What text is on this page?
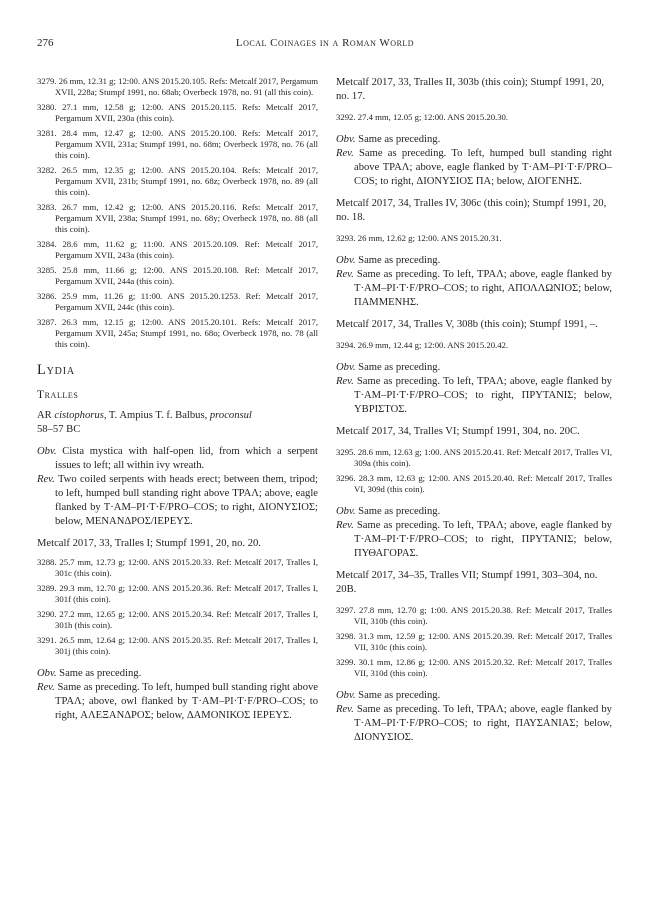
276	Local Coinages in a Roman World

3279. 26 mm, 12.31 g; 12:00. ANS 2015.20.105. Refs: Metcalf 2017, Pergamum XVII, 228a; Stumpf 1991, no. 68ab; Overbeck 1978, no. 91 (all this coin).

3280. 27.1 mm, 12.58 g; 12:00. ANS 2015.20.115. Refs: Metcalf 2017, Pergamum XVII, 230a (this coin).

3281. 28.4 mm, 12.47 g; 12:00. ANS 2015.20.100. Refs: Metcalf 2017, Pergamum XVII, 231a; Stumpf 1991, no. 68m; Overbeck 1978, no. 76 (all this coin).

3282. 26.5 mm, 12.35 g; 12:00. ANS 2015.20.104. Refs: Metcalf 2017, Pergamum XVII, 231b; Stumpf 1991, no. 68z; Overbeck 1978, no. 89 (all this coin).

3283. 26.7 mm, 12.42 g; 12:00. ANS 2015.20.116. Refs: Metcalf 2017, Pergamum XVII, 238a; Stumpf 1991, no. 68y; Overbeck 1978, no. 88 (all this coin).

3284. 28.6 mm, 11.62 g; 11:00. ANS 2015.20.109. Ref: Metcalf 2017, Pergamum XVII, 243a (this coin).

3285. 25.8 mm, 11.66 g; 12:00. ANS 2015.20.108. Ref: Metcalf 2017, Pergamum XVII, 244a (this coin).

3286. 25.9 mm, 11.26 g; 11:00. ANS 2015.20.1253. Ref: Metcalf 2017, Pergamum XVII, 244c (this coin).

3287. 26.3 mm, 12.15 g; 12:00. ANS 2015.20.101. Refs: Metcalf 2017, Pergamum XVII, 245a; Stumpf 1991, no. 68o; Overbeck 1978, no. 78 (all this coin).

Lydia

Tralles

AR cistophorus, T. Ampius T. f. Balbus, proconsul
58–57 BC

Obv. Cista mystica with half-open lid, from which a serpent issues to left; all within ivy wreath.

Rev. Two coiled serpents with heads erect; between them, tripod; to left, humped bull standing right above ΤΡΑΛ; above, eagle flanked by T·AM–PI·T·F/PRO–COS; to right, ΔΙΟΝΥΣΙΟΣ; below, ΜΕΝΑΝΔΡΟΣ/ΙΕΡΕΥΣ.

Metcalf 2017, 33, Tralles I; Stumpf 1991, 20, no. 20.

3288. 25.7 mm, 12.73 g; 12:00. ANS 2015.20.33. Ref: Metcalf 2017, Tralles I, 301c (this coin).

3289. 29.3 mm, 12.70 g; 12:00. ANS 2015.20.36. Ref: Metcalf 2017, Tralles I, 301f (this coin).

3290. 27.2 mm, 12.65 g; 12:00. ANS 2015.20.34. Ref: Metcalf 2017, Tralles I, 301h (this coin).

3291. 26.5 mm, 12.64 g; 12:00. ANS 2015.20.35. Ref: Metcalf 2017, Tralles I, 301j (this coin).

Obv. Same as preceding.

Rev. Same as preceding. To left, humped bull standing right above ΤΡΑΛ; above, owl flanked by T·AM–PI·T·F/PRO–COS; to right, ΑΛΕΞΑΝΔΡΟΣ; below, ΔΑΜΟΝΙΚΟΣ ΙΕΡΕΥΣ.

Metcalf 2017, 33, Tralles II, 303b (this coin); Stumpf 1991, 20, no. 17.

3292. 27.4 mm, 12.05 g; 12:00. ANS 2015.20.30.

Obv. Same as preceding.

Rev. Same as preceding. To left, humped bull standing right above ΤΡΑΛ; above, eagle flanked by T·AM–PI·T·F/PRO–COS; to right, ΔΙΟΝΥΣΙΟΣ ΠΑ; below, ΔΙΟΓΕΝΗΣ.

Metcalf 2017, 34, Tralles IV, 306c (this coin); Stumpf 1991, 20, no. 18.

3293. 26 mm, 12.62 g; 12:00. ANS 2015.20.31.

Obv. Same as preceding.

Rev. Same as preceding. To left, ΤΡΑΛ; above, eagle flanked by T·AM–PI·T·F/PRO–COS; to right, ΑΠΟΛΛΩΝΙΟΣ; below, ΠΑΜΜΕΝΗΣ.

Metcalf 2017, 34, Tralles V, 308b (this coin); Stumpf 1991, –.

3294. 26.9 mm, 12.44 g; 12:00. ANS 2015.20.42.

Obv. Same as preceding.

Rev. Same as preceding. To left, ΤΡΑΛ; above, eagle flanked by T·AM–PI·T·F/PRO–COS; to right, ΠΡΥΤΑΝΙΣ; below, ΥΒΡΙΣΤΟΣ.

Metcalf 2017, 34, Tralles VI; Stumpf 1991, 304, no. 20C.

3295. 28.6 mm, 12.63 g; 1:00. ANS 2015.20.41. Ref: Metcalf 2017, Tralles VI, 309a (this coin).

3296. 28.3 mm, 12.63 g; 12:00. ANS 2015.20.40. Ref: Metcalf 2017, Tralles VI, 309d (this coin).

Obv. Same as preceding.

Rev. Same as preceding. To left, ΤΡΑΛ; above, eagle flanked by T·AM–PI·T·F/PRO–COS; to right, ΠΡΥΤΑΝΙΣ; below, ΠΥΘΑΓΟΡΑΣ.

Metcalf 2017, 34–35, Tralles VII; Stumpf 1991, 303–304, no. 20B.

3297. 27.8 mm, 12.70 g; 1:00. ANS 2015.20.38. Ref: Metcalf 2017, Tralles VII, 310b (this coin).

3298. 31.3 mm, 12.59 g; 12:00. ANS 2015.20.39. Ref: Metcalf 2017, Tralles VII, 310c (this coin).

3299. 30.1 mm, 12.86 g; 12:00. ANS 2015.20.32. Ref: Metcalf 2017, Tralles VII, 310d (this coin).

Obv. Same as preceding.

Rev. Same as preceding. To left, ΤΡΑΛ; above, eagle flanked by T·AM–PI·T·F/PRO–COS; to right, ΠΑΥΣΑΝΙΑΣ; below, ΔΙΟΝΥΣΙΟΣ.
